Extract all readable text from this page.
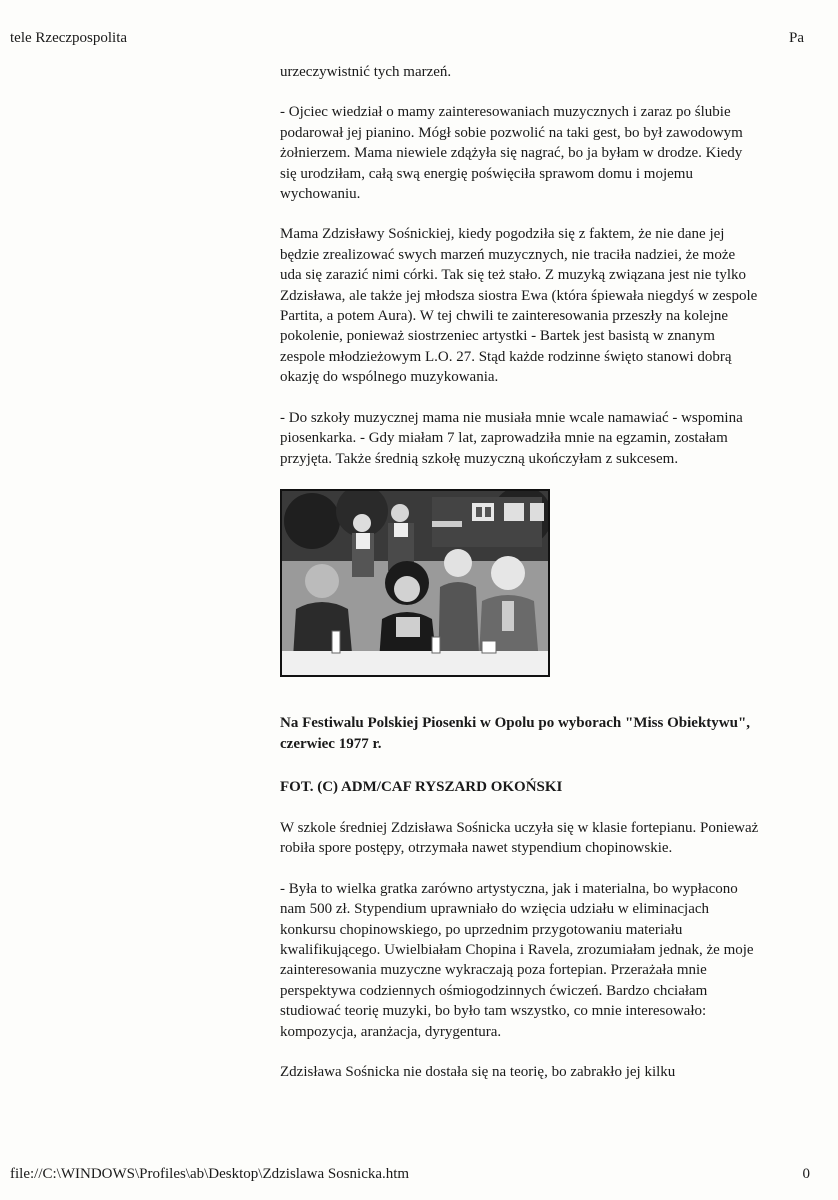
tele Rzeczpospolita	Pa

urzeczywistnić tych marzeń.

- Ojciec wiedział o mamy zainteresowaniach muzycznych i zaraz po ślubie podarował jej pianino. Mógł sobie pozwolić na taki gest, bo był zawodowym żołnierzem. Mama niewiele zdążyła się nagrać, bo ja byłam w drodze. Kiedy się urodziłam, całą swą energię poświęciła sprawom domu i mojemu wychowaniu.

Mama Zdzisławy Sośnickiej, kiedy pogodziła się z faktem, że nie dane jej będzie zrealizować swych marzeń muzycznych, nie traciła nadziei, że może uda się zarazić nimi córki. Tak się też stało. Z muzyką związana jest nie tylko Zdzisława, ale także jej młodsza siostra Ewa (która śpiewała niegdyś w zespole Partita, a potem Aura). W tej chwili te zainteresowania przeszły na kolejne pokolenie, ponieważ siostrzeniec artystki - Bartek jest basistą w znanym zespole młodzieżowym L.O. 27. Stąd każde rodzinne święto stanowi dobrą okazję do wspólnego muzykowania.

- Do szkoły muzycznej mama nie musiała mnie wcale namawiać - wspomina piosenkarka. - Gdy miałam 7 lat, zaprowadziła mnie na egzamin, zostałam przyjęta. Także średnią szkołę muzyczną ukończyłam z sukcesem.

Na Festiwalu Polskiej Piosenki w Opolu po wyborach "Miss Obiektywu", czerwiec 1977 r.
FOT. (C) ADM/CAF RYSZARD OKOŃSKI

W szkole średniej Zdzisława Sośnicka uczyła się w klasie fortepianu. Ponieważ robiła spore postępy, otrzymała nawet stypendium chopinowskie.

- Była to wielka gratka zarówno artystyczna, jak i materialna, bo wypłacono nam 500 zł. Stypendium uprawniało do wzięcia udziału w eliminacjach konkursu chopinowskiego, po uprzednim przygotowaniu materiału kwalifikującego. Uwielbiałam Chopina i Ravela, zrozumiałam jednak, że moje zainteresowania muzyczne wykraczają poza fortepian. Przerażała mnie perspektywa codziennych ośmiogodzinnych ćwiczeń. Bardzo chciałam studiować teorię muzyki, bo było tam wszystko, co mnie interesowało: kompozycja, aranżacja, dyrygentura.

Zdzisława Sośnicka nie dostała się na teorię, bo zabrakło jej kilku

file://C:\WINDOWS\Profiles\ab\Desktop\Zdzislawa Sosnicka.htm	0
